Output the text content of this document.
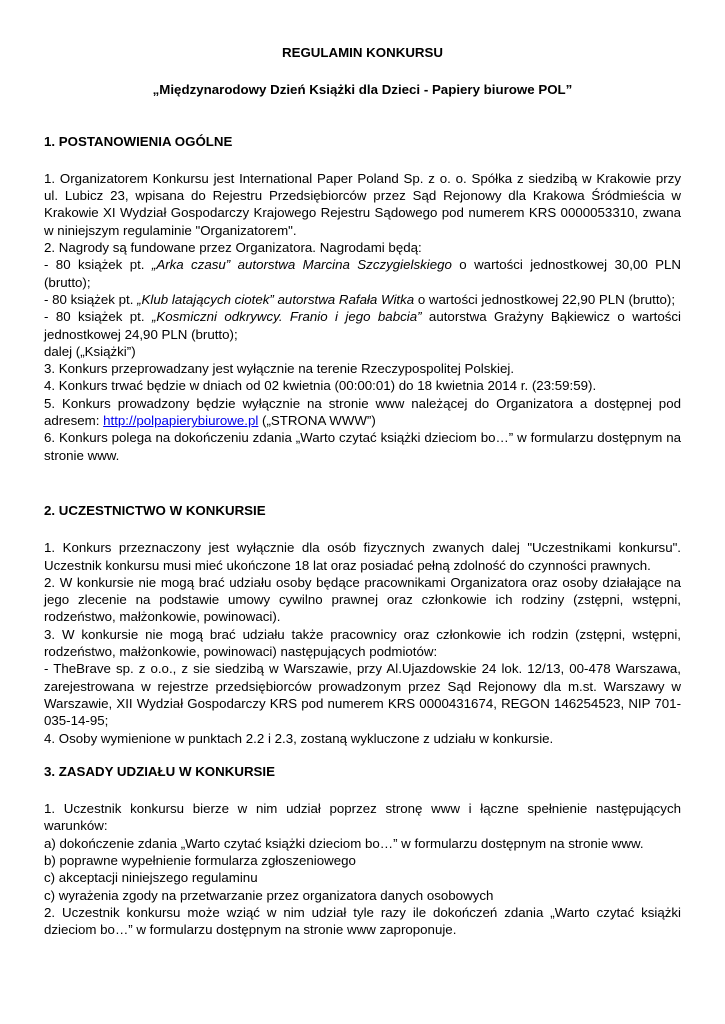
REGULAMIN KONKURSU

„Międzynarodowy Dzień Książki dla Dzieci - Papiery biurowe POL”

1. POSTANOWIENIA OGÓLNE

1. Organizatorem Konkursu jest International Paper Poland Sp. z o. o. Spółka z siedzibą w Krakowie przy ul. Lubicz 23, wpisana do Rejestru Przedsiębiorców przez Sąd Rejonowy dla Krakowa Śródmieścia w Krakowie XI Wydział Gospodarczy Krajowego Rejestru Sądowego pod numerem KRS 0000053310, zwana w niniejszym regulaminie "Organizatorem".

2. Nagrody są fundowane przez Organizatora. Nagrodami będą:

- 80 książek pt. „Arka czasu” autorstwa Marcina Szczygielskiego o wartości jednostkowej 30,00 PLN (brutto);

- 80 książek pt. „Klub latających ciotek” autorstwa Rafała Witka o wartości jednostkowej 22,90 PLN (brutto);

- 80 książek pt. „Kosmiczni odkrywcy. Franio i jego babcia” autorstwa Grażyny Bąkiewicz o wartości jednostkowej 24,90 PLN (brutto);

dalej („Książki”)

3. Konkurs przeprowadzany jest wyłącznie na terenie Rzeczypospolitej Polskiej.

4. Konkurs trwać będzie w dniach od 02 kwietnia (00:00:01) do 18 kwietnia 2014 r. (23:59:59).

5. Konkurs prowadzony będzie wyłącznie na stronie www należącej do Organizatora a dostępnej pod adresem: http://polpapierybiurowe.pl („STRONA WWW”)

6. Konkurs polega na dokończeniu zdania „Warto czytać książki dzieciom bo…” w formularzu dostępnym na stronie www.

2. UCZESTNICTWO W KONKURSIE

1. Konkurs przeznaczony jest wyłącznie dla osób fizycznych zwanych dalej "Uczestnikami konkursu". Uczestnik konkursu musi mieć ukończone 18 lat oraz posiadać pełną zdolność do czynności prawnych.

2. W konkursie nie mogą brać udziału osoby będące pracownikami Organizatora oraz osoby działające na jego zlecenie na podstawie umowy cywilno prawnej oraz członkowie ich rodziny (zstępni, wstępni, rodzeństwo, małżonkowie, powinowaci).

3. W konkursie nie mogą brać udziału także pracownicy oraz członkowie ich rodzin (zstępni, wstępni, rodzeństwo, małżonkowie, powinowaci) następujących podmiotów:

- TheBrave sp. z o.o., z sie siedzibą w Warszawie, przy Al.Ujazdowskie 24 lok. 12/13, 00-478 Warszawa, zarejestrowana w rejestrze przedsiębiorców prowadzonym przez Sąd Rejonowy dla m.st. Warszawy w Warszawie, XII Wydział Gospodarczy KRS pod numerem KRS 0000431674, REGON 146254523, NIP 701-035-14-95;

4. Osoby wymienione w punktach 2.2 i 2.3, zostaną wykluczone z udziału w konkursie.

3. ZASADY UDZIAŁU W KONKURSIE

1. Uczestnik konkursu bierze w nim udział poprzez stronę www i łączne spełnienie następujących warunków:

a) dokończenie zdania „Warto czytać książki dzieciom bo…” w formularzu dostępnym na stronie www.

b) poprawne wypełnienie formularza zgłoszeniowego

c) akceptacji niniejszego regulaminu

c) wyrażenia zgody na przetwarzanie przez organizatora danych osobowych

2. Uczestnik konkursu może wziąć w nim udział tyle razy ile dokończeń zdania „Warto czytać książki dzieciom bo…” w formularzu dostępnym na stronie www zaproponuje.
